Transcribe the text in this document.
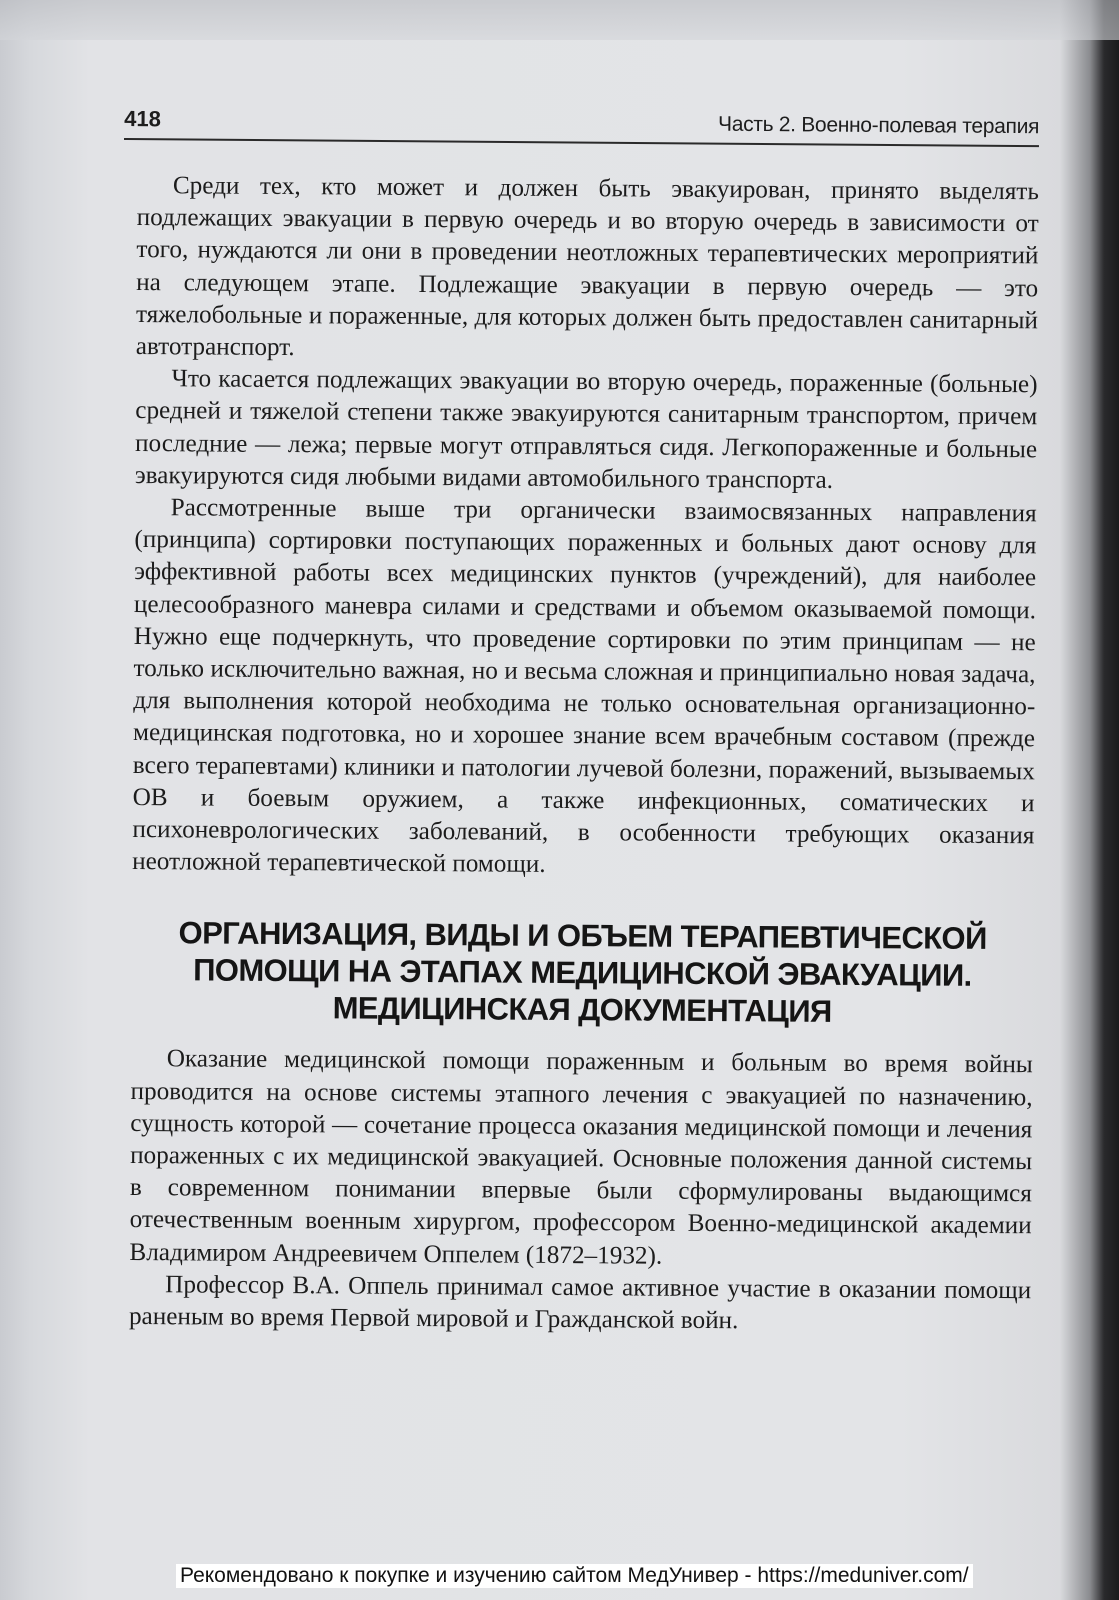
418	Часть 2. Военно-полевая терапия

Среди тех, кто может и должен быть эвакуирован, принято выделять подлежащих эвакуации в первую очередь и во вторую очередь в зависимости от того, нуждаются ли они в проведении неотложных терапевтических мероприятий на следующем этапе. Подлежащие эвакуации в первую очередь — это тяжелобольные и пораженные, для которых должен быть предоставлен санитарный автотранспорт.

Что касается подлежащих эвакуации во вторую очередь, пораженные (больные) средней и тяжелой степени также эвакуируются санитарным транспортом, причем последние — лежа; первые могут отправляться сидя. Легкопораженные и больные эвакуируются сидя любыми видами автомобильного транспорта.

Рассмотренные выше три органически взаимосвязанных направления (принципа) сортировки поступающих пораженных и больных дают основу для эффективной работы всех медицинских пунктов (учреждений), для наиболее целесообразного маневра силами и средствами и объемом оказываемой помощи. Нужно еще подчеркнуть, что проведение сортировки по этим принципам — не только исключительно важная, но и весьма сложная и принципиально новая задача, для выполнения которой необходима не только основательная организационно-медицинская подготовка, но и хорошее знание всем врачебным составом (прежде всего терапевтами) клиники и патологии лучевой болезни, поражений, вызываемых ОВ и боевым оружием, а также инфекционных, соматических и психоневрологических заболеваний, в особенности требующих оказания неотложной терапевтической помощи.

ОРГАНИЗАЦИЯ, ВИДЫ И ОБЪЕМ ТЕРАПЕВТИЧЕСКОЙ
ПОМОЩИ НА ЭТАПАХ МЕДИЦИНСКОЙ ЭВАКУАЦИИ.
МЕДИЦИНСКАЯ ДОКУМЕНТАЦИЯ

Оказание медицинской помощи пораженным и больным во время войны проводится на основе системы этапного лечения с эвакуацией по назначению, сущность которой — сочетание процесса оказания медицинской помощи и лечения пораженных с их медицинской эвакуацией. Основные положения данной системы в современном понимании впервые были сформулированы выдающимся отечественным военным хирургом, профессором Военно-медицинской академии Владимиром Андреевичем Оппелем (1872–1932).

Профессор В.А. Оппель принимал самое активное участие в оказании помощи раненым во время Первой мировой и Гражданской войн.

Рекомендовано к покупке и изучению сайтом МедУнивер - https://meduniver.com/
